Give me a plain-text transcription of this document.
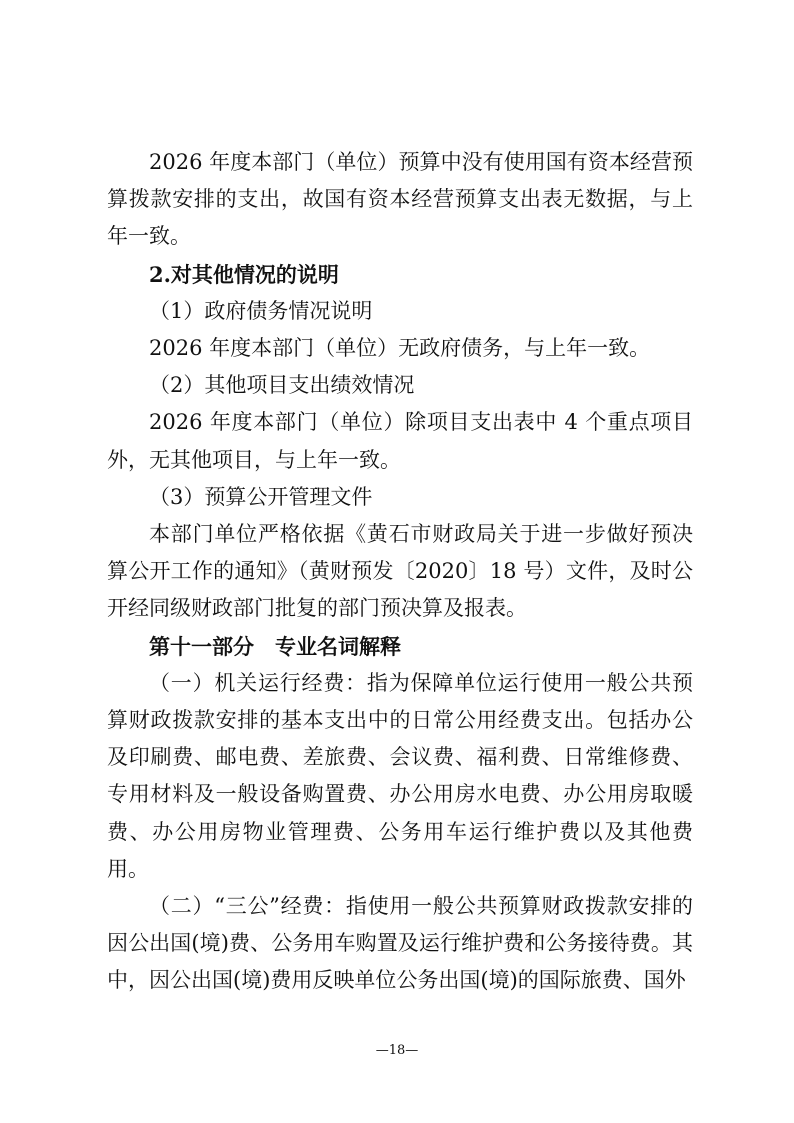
2026 年度本部门（单位）预算中没有使用国有资本经营预算拨款安排的支出，故国有资本经营预算支出表无数据，与上年一致。

2.对其他情况的说明

（1）政府债务情况说明

2026 年度本部门（单位）无政府债务，与上年一致。

（2）其他项目支出绩效情况

2026 年度本部门（单位）除项目支出表中 4 个重点项目外，无其他项目，与上年一致。

（3）预算公开管理文件

本部门单位严格依据《黄石市财政局关于进一步做好预决算公开工作的通知》（黄财预发〔2020〕18 号）文件，及时公开经同级财政部门批复的部门预决算及报表。

第十一部分　专业名词解释

（一）机关运行经费：指为保障单位运行使用一般公共预算财政拨款安排的基本支出中的日常公用经费支出。包括办公及印刷费、邮电费、差旅费、会议费、福利费、日常维修费、专用材料及一般设备购置费、办公用房水电费、办公用房取暖费、办公用房物业管理费、公务用车运行维护费以及其他费用。

（二）“三公”经费：指使用一般公共预算财政拨款安排的因公出国(境)费、公务用车购置及运行维护费和公务接待费。其中，因公出国(境)费用反映单位公务出国(境)的国际旅费、国外

—18—
